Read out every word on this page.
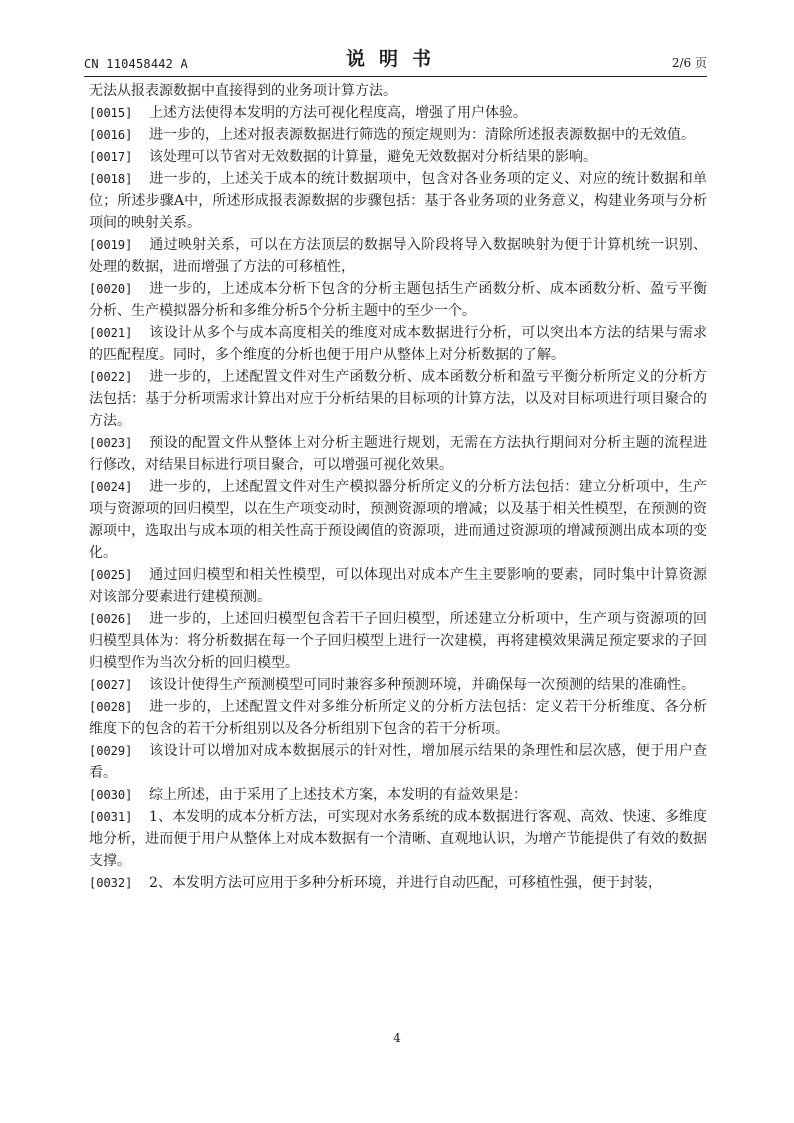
CN 110458442 A	说明书	2/6 页

无法从报表源数据中直接得到的业务项计算方法。

[0015] 上述方法使得本发明的方法可视化程度高，增强了用户体验。

[0016] 进一步的，上述对报表源数据进行筛选的预定规则为：清除所述报表源数据中的无效值。

[0017] 该处理可以节省对无效数据的计算量，避免无效数据对分析结果的影响。

[0018] 进一步的，上述关于成本的统计数据项中，包含对各业务项的定义、对应的统计数据和单位；所述步骤A中，所述形成报表源数据的步骤包括：基于各业务项的业务意义，构建业务项与分析项间的映射关系。

[0019] 通过映射关系，可以在方法顶层的数据导入阶段将导入数据映射为便于计算机统一识别、处理的数据，进而增强了方法的可移植性，

[0020] 进一步的，上述成本分析下包含的分析主题包括生产函数分析、成本函数分析、盈亏平衡分析、生产模拟器分析和多维分析5个分析主题中的至少一个。

[0021] 该设计从多个与成本高度相关的维度对成本数据进行分析，可以突出本方法的结果与需求的匹配程度。同时，多个维度的分析也便于用户从整体上对分析数据的了解。

[0022] 进一步的，上述配置文件对生产函数分析、成本函数分析和盈亏平衡分析所定义的分析方法包括：基于分析项需求计算出对应于分析结果的目标项的计算方法，以及对目标项进行项目聚合的方法。

[0023] 预设的配置文件从整体上对分析主题进行规划，无需在方法执行期间对分析主题的流程进行修改，对结果目标进行项目聚合，可以增强可视化效果。

[0024] 进一步的，上述配置文件对生产模拟器分析所定义的分析方法包括：建立分析项中，生产项与资源项的回归模型，以在生产项变动时，预测资源项的增减；以及基于相关性模型，在预测的资源项中，选取出与成本项的相关性高于预设阈值的资源项，进而通过资源项的增减预测出成本项的变化。

[0025] 通过回归模型和相关性模型，可以体现出对成本产生主要影响的要素，同时集中计算资源对该部分要素进行建模预测。

[0026] 进一步的，上述回归模型包含若干子回归模型，所述建立分析项中，生产项与资源项的回归模型具体为：将分析数据在每一个子回归模型上进行一次建模，再将建模效果满足预定要求的子回归模型作为当次分析的回归模型。

[0027] 该设计使得生产预测模型可同时兼容多种预测环境，并确保每一次预测的结果的准确性。

[0028] 进一步的，上述配置文件对多维分析所定义的分析方法包括：定义若干分析维度、各分析维度下的包含的若干分析组别以及各分析组别下包含的若干分析项。

[0029] 该设计可以增加对成本数据展示的针对性，增加展示结果的条理性和层次感，便于用户查看。

[0030] 综上所述，由于采用了上述技术方案，本发明的有益效果是：

[0031] 1、本发明的成本分析方法，可实现对水务系统的成本数据进行客观、高效、快速、多维度地分析，进而便于用户从整体上对成本数据有一个清晰、直观地认识，为增产节能提供了有效的数据支撑。

[0032] 2、本发明方法可应用于多种分析环境，并进行自动匹配，可移植性强，便于封装，

4
